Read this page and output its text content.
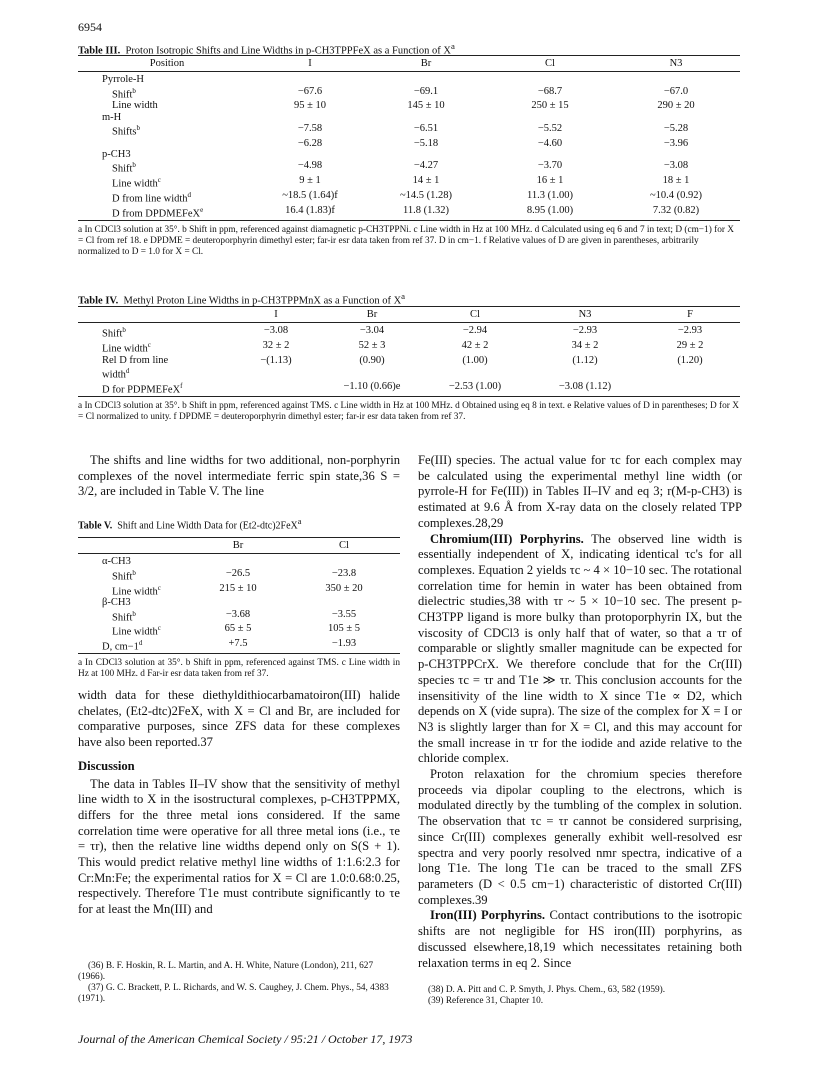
6954
Table III. Proton Isotropic Shifts and Line Widths in p-CH3TPPFeX as a Function of $X^a$
Position	I	Br	Cl	N3
Pyrrole-H				
Shift$^b$	−67.6	−69.1	−68.7	−67.0
Line width	95 ± 10	145 ± 10	250 ± 15	290 ± 20
m-H				
Shifts$^b$	−7.58	−6.51	−5.52	−5.28
	−6.28	−5.18	−4.60	−3.96
p-CH3				
Shift$^b$	−4.98	−4.27	−3.70	−3.08
Line width$^c$	9 ± 1	14 ± 1	16 ± 1	18 ± 1
D from line width$^d$	~18.5 (1.64)f	~14.5 (1.28)	11.3 (1.00)	~10.4 (0.92)
D from DPDMEFeX$^e$	16.4 (1.83)f	11.8 (1.32)	8.95 (1.00)	7.32 (0.82)

a In CDCl3 solution at 35°. b Shift in ppm, referenced against diamagnetic p-CH3TPPNi. c Line width in Hz at 100 MHz. d Calculated using eq 6 and 7 in text; D (cm−1) for X = Cl from ref 18. e DPDME = deuteroporphyrin dimethyl ester; far-ir esr data taken from ref 37. D in cm−1. f Relative values of D are given in parentheses, arbitrarily normalized to D = 1.0 for X = Cl.
Table IV. Methyl Proton Line Widths in p-CH3TPPMnX as a Function of $X^a$
	I	Br	Cl	N3	F
Shift$^b$	−3.08	−3.04	−2.94	−2.93	−2.93
Line width$^c$	32 ± 2	52 ± 3	42 ± 2	34 ± 2	29 ± 2
Rel D from line	−(1.13)	(0.90)	(1.00)	(1.12)	(1.20)
width$^d$					
D for PDPMEFeX$^f$		−1.10 (0.66)e	−2.53 (1.00)	−3.08 (1.12)	

a In CDCl3 solution at 35°. b Shift in ppm, referenced against TMS. c Line width in Hz at 100 MHz. d Obtained using eq 8 in text. e Relative values of D in parentheses; D for X = Cl normalized to unity. f DPDME = deuteroporphyrin dimethyl ester; far-ir esr data taken from ref 37.

The shifts and line widths for two additional, non-porphyrin complexes of the novel intermediate ferric spin state,36 S = 3/2, are included in Table V. The line

Table V. Shift and Line Width Data for (Et2-dtc)2FeX$^a$
	Br	Cl
α-CH3		
Shift$^b$	−26.5	−23.8
Line width$^c$	215 ± 10	350 ± 20
β-CH3		
Shift$^b$	−3.68	−3.55
Line width$^c$	65 ± 5	105 ± 5
D, $cm-1^d$	+7.5	−1.93

a In CDCl3 solution at 35°. b Shift in ppm, referenced against TMS. c Line width in Hz at 100 MHz. d Far-ir esr data taken from ref 37.

width data for these diethyldithiocarbamatoiron(III) halide chelates, (Et2-dtc)2FeX, with X = Cl and Br, are included for comparative purposes, since ZFS data for these complexes have also been reported.37

Discussion

The data in Tables II–IV show that the sensitivity of methyl line width to X in the isostructural complexes, p-CH3TPPMX, differs for the three metal ions considered. If the same correlation time were operative for all three metal ions (i.e., τe = τr), then the relative line widths depend only on S(S + 1). This would predict relative methyl line widths of 1:1.6:2.3 for Cr:Mn:Fe; the experimental ratios for X = Cl are 1.0:0.68:0.25, respectively. Therefore T1e must contribute significantly to τe for at least the Mn(III) and

(36) B. F. Hoskin, R. L. Martin, and A. H. White, Nature (London), 211, 627 (1966).
(37) G. C. Brackett, P. L. Richards, and W. S. Caughey, J. Chem. Phys., 54, 4383 (1971).

Fe(III) species. The actual value for τc for each complex may be calculated using the experimental methyl line width (or pyrrole-H for Fe(III)) in Tables II–IV and eq 3; r(M-p-CH3) is estimated at 9.6 Å from X-ray data on the closely related TPP complexes.28,29

Chromium(III) Porphyrins. The observed line width is essentially independent of X, indicating identical τc's for all complexes. Equation 2 yields τc ~ 4 × 10−10 sec. The rotational correlation time for hemin in water has been obtained from dielectric studies,38 with τr ~ 5 × 10−10 sec. The present p-CH3TPP ligand is more bulky than protoporphyrin IX, but the viscosity of CDCl3 is only half that of water, so that a τr of comparable or slightly smaller magnitude can be expected for p-CH3TPPCrX. We therefore conclude that for the Cr(III) species τc = τr and T1e ≫ τr. This conclusion accounts for the insensitivity of the line width to X since T1e ∝ D2, which depends on X (vide supra). The size of the complex for X = I or N3 is slightly larger than for X = Cl, and this may account for the small increase in τr for the iodide and azide relative to the chloride complex.

Proton relaxation for the chromium species therefore proceeds via dipolar coupling to the electrons, which is modulated directly by the tumbling of the complex in solution. The observation that τc = τr cannot be considered surprising, since Cr(III) complexes generally exhibit well-resolved esr spectra and very poorly resolved nmr spectra, indicative of a long T1e. The long T1e can be traced to the small ZFS parameters (D < 0.5 cm−1) characteristic of distorted Cr(III) complexes.39

Iron(III) Porphyrins. Contact contributions to the isotropic shifts are not negligible for HS iron(III) porphyrins, as discussed elsewhere,18,19 which necessitates retaining both relaxation terms in eq 2. Since

(38) D. A. Pitt and C. P. Smyth, J. Phys. Chem., 63, 582 (1959).
(39) Reference 31, Chapter 10.
Journal of the American Chemical Society / 95:21 / October 17, 1973
